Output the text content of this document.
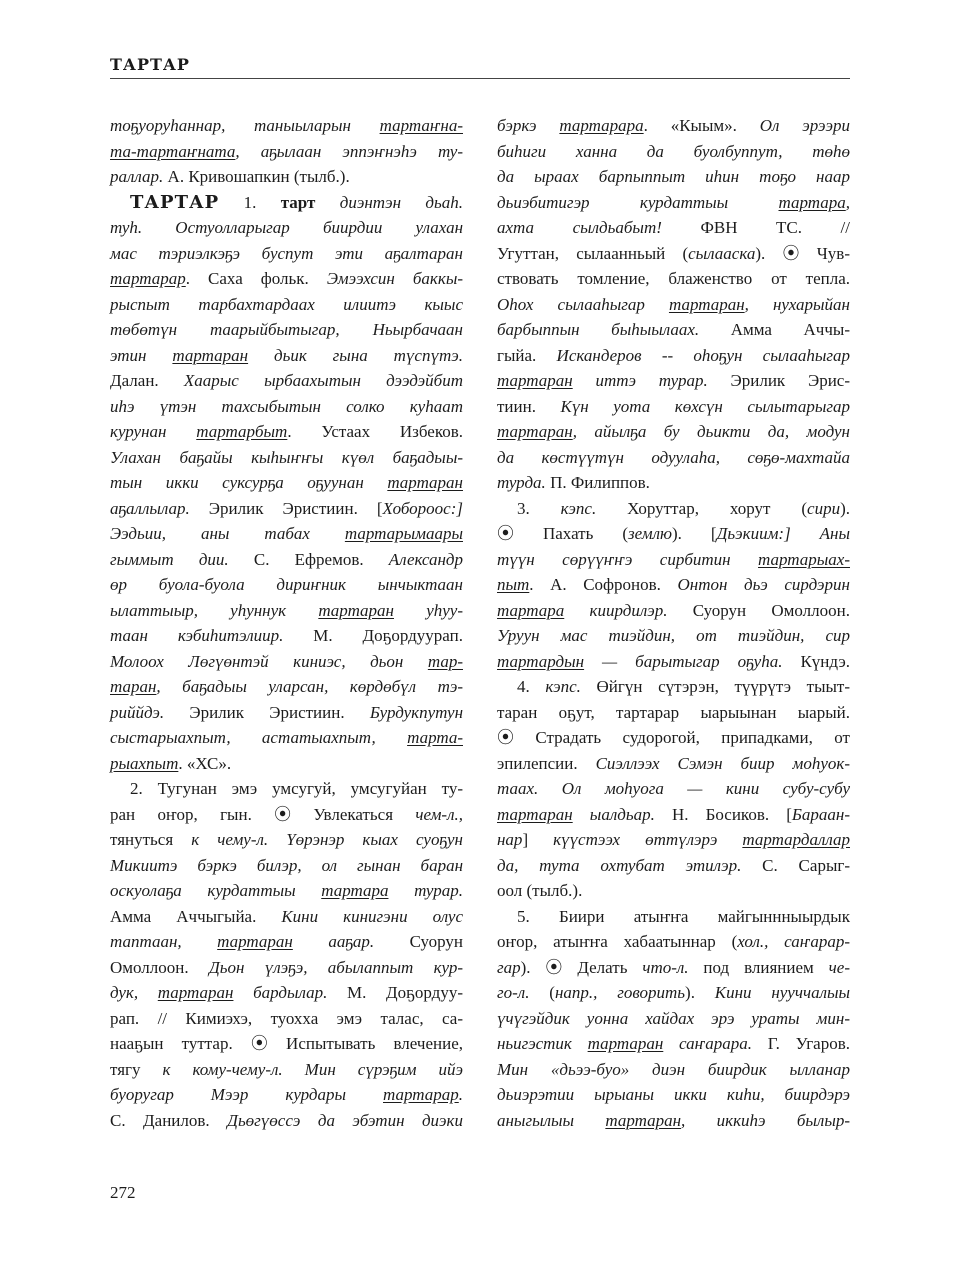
ТАРТАР
тоҕуоруһаннар, таныыларын тартаҥна-
та-тартаҥната, аҕылаан эппэҥнэһэ ту-
раллар. А. Кривошапкин (тылб.).
ТАРТАР 1. тарт диэнтэн дьаһ.
туһ. Остуолларыгар биирдии улахан
мас тэриэлкэҕэ буспут эти аҕалтаран
тартарар. Саха фольк. Эмээхсин баккы-
рыспыт тарбахтардаах илиитэ кыыс
төбөтүн таарыйбытыгар, Ньырбачаан
этин тартаран дьик гына түспүтэ.
Далан. Хаарыс ырбаахытын дээдэйбит
иһэ үтэн тахсыбытын солко куһаат
курунан тартарбыт. Устаах Избеков.
Улахан баҕайы кыһыҥҥы күөл баҕадыы-
тын икки суксурҕа оҕуунан тартаран
аҕаллылар. Эрилик Эристиин. [Хобороос:]
Ээдьии, аны табах тартарымаары
гыммыт дии. С. Ефремов. Александр
өр буола-буола дириҥник ынчыктаан
ылаттыыр, уһуннук тартаран уһуу-
таан кэбиһитэлиир. М. Доҕордуурап.
Молоох Лөгүөнтэй киниэс, дьон тар-
таран, баҕадыы уларсан, көрдөбүл тэ-
риййдэ. Эрилик Эристиин. Бурдукпутун
сыстарыахпыт, астатыахпыт, тарта-
рыахпыт. «ХС».
2. Тугунан эмэ умсугуй, умсугуйан ту-
ран оҥор, гын. ⦿ Увлекаться чем-л.,
тянуться к чему-л. Үөрэнэр кыах суоҕун
Микиитэ бэркэ билэр, ол гынан баран
оскуолаҕа курдаттыы тартара турар.
Амма Аччыгыйа. Кини кинигэни олус
таптаан, тартаран ааҕар. Суорун
Омоллоон. Дьон үлэҕэ, абылаппыт кур-
дук, тартаран бардылар. М. Доҕордуу-
рап. // Кимиэхэ, туохха эмэ талас, са-
нааҕын туттар. ⦿ Испытывать влечение,
тягу к кому-чему-л. Мин сүрэҕим ийэ
буоругар Мээр курдары тартарар.
С. Данилов. Дьөгүөссэ да эбэтин диэки
бэркэ тартарара. «Кыым». Ол эрээри
биһиги ханна да буолбуппут, төһө
да ыраах барпыппыт иһин тоҕо наар
дьиэбитигэр курдаттыы тартара,
ахта сылдьабыт! ФВН ТС. //
Угуттан, сылаанньый (сылааска). ⦿ Чув-
ствовать томление, блаженство от тепла.
Оһох сылааһыгар тартаран, нухарыйан
барбыппын быһыылаах. Амма Аччы-
гыйа. Искандеров -- оһоҕун сылааһыгар
тартаран иттэ турар. Эрилик Эрис-
тиин. Күн уота көхсүн сылытарыгар
тартаран, айылҕа бу дьикти да, модун
да көстүүтүн одуулаһа, сөҕө-махтайа
турда. П. Филиппов.
3. кэпс. Хоруттар, хорут (сири).
⦿ Пахать (землю). [Дьэкиим:] Аны
түүн сөрүүҥҥэ сирбитин тартарыах-
пыт. А. Софронов. Онтон дьэ сирдэрин
тартара киирдилэр. Суорун Омоллоон.
Уруун мас тиэйдин, от тиэйдин, сир
тартардын — барытыгар оҕуһа. Күндэ.
4. кэпс. Өйгүн сүтэрэн, түүрүтэ тыыт-
таран оҕут, тартарар ыарыынан ыарый.
⦿ Страдать судорогой, припадками, от
эпилепсии. Сиэллээх Сэмэн биир моһуок-
таах. Ол моһуога — кини субу-субу
тартаран ыалдьар. Н. Босиков. [Бараан-
нар] күүстээх өттүлэрэ тартардаллар
да, тута охтубат этилэр. С. Сарыг-
оол (тылб.).
5. Биири атыҥҥа майгыннныырдык
оҥор, атыҥҥа хабаатыннар (хол., саҥарар-
гар). ⦿ Делать что-л. под влиянием че-
го-л. (напр., говорить). Кини нууччалыы
үчүгэйдик уонна хайдах эрэ ураты мин-
ньигэстик тартаран саҥарара. Г. Угаров.
Мин «дьээ-буо» диэн биирдик ылланар
дьиэрэтии ырыаны икки киһи, биирдэрэ
аныгылыы тартаран, иккиһэ былыр-
272
